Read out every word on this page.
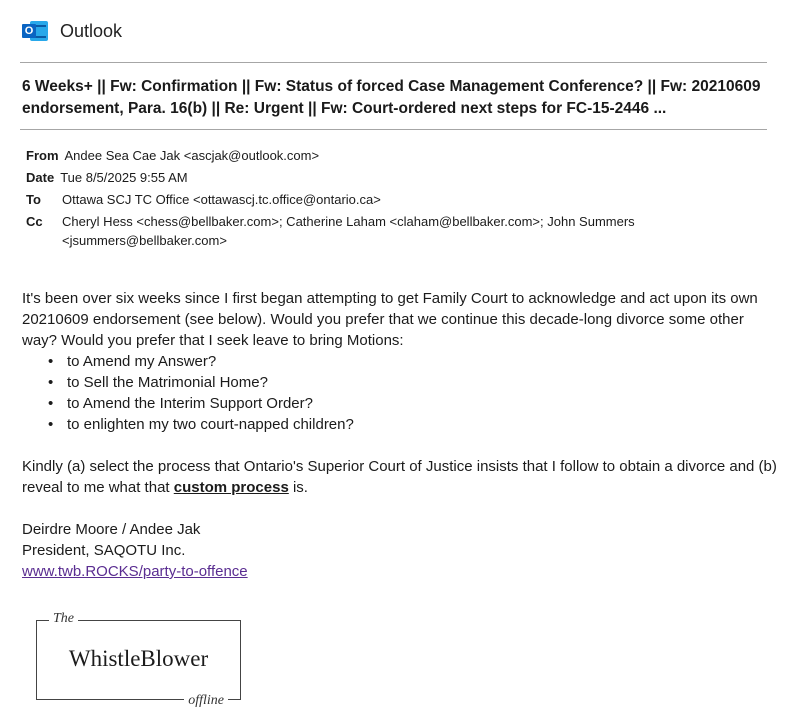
O Outlook
6 Weeks+ || Fw: Confirmation || Fw: Status of forced Case Management Conference? || Fw: 20210609 endorsement, Para. 16(b) || Re: Urgent || Fw: Court-ordered next steps for FC-15-2446 ...
From Andee Sea Cae Jak <ascjak@outlook.com>
Date Tue 8/5/2025 9:55 AM
To	Ottawa SCJ TC Office <ottawascj.tc.office@ontario.ca>
Cc	Cheryl Hess <chess@bellbaker.com>; Catherine Laham <claham@bellbaker.com>; John Summers <jsummers@bellbaker.com>

It's been over six weeks since I first began attempting to get Family Court to acknowledge and act upon its own 20210609 endorsement (see below). Would you prefer that we continue this decade-long divorce some other way? Would you prefer that I seek leave to bring Motions:

• to Amend my Answer?
• to Sell the Matrimonial Home?
• to Amend the Interim Support Order?
• to enlighten my two court-napped children?

Kindly (a) select the process that Ontario's Superior Court of Justice insists that I follow to obtain a divorce and (b) reveal to me what that custom process is.

Deirdre Moore / Andee Jak

President, SAQOTU Inc.

www.twb.ROCKS/party-to-offence

The
WhistleBlower
offline
